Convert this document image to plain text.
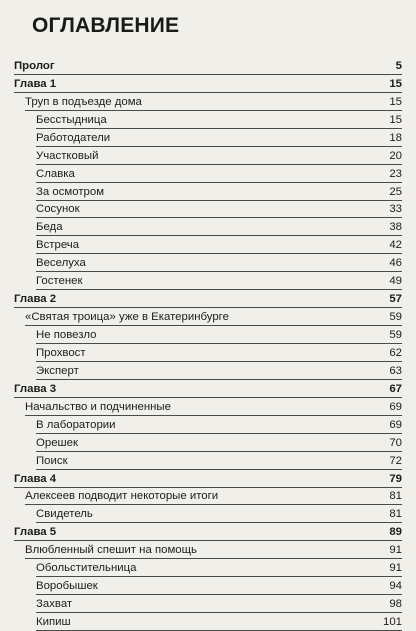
ОГЛАВЛЕНИЕ
Пролог	5
Глава 1	15
Труп в подъезде дома	15
Бесстыдница	15
Работодатели	18
Участковый	20
Славка	23
За осмотром	25
Сосунок	33
Беда	38
Встреча	42
Веселуха	46
Гостенек	49
Глава 2	57
«Святая троица» уже в Екатеринбурге	59
Не повезло	59
Прохвост	62
Эксперт	63
Глава 3	67
Начальство и подчиненные	69
В лаборатории	69
Орешек	70
Поиск	72
Глава 4	79
Алексеев подводит некоторые итоги	81
Свидетель	81
Глава 5	89
Влюбленный спешит на помощь	91
Обольстительница	91
Воробышек	94
Захват	98
Кипиш	101
